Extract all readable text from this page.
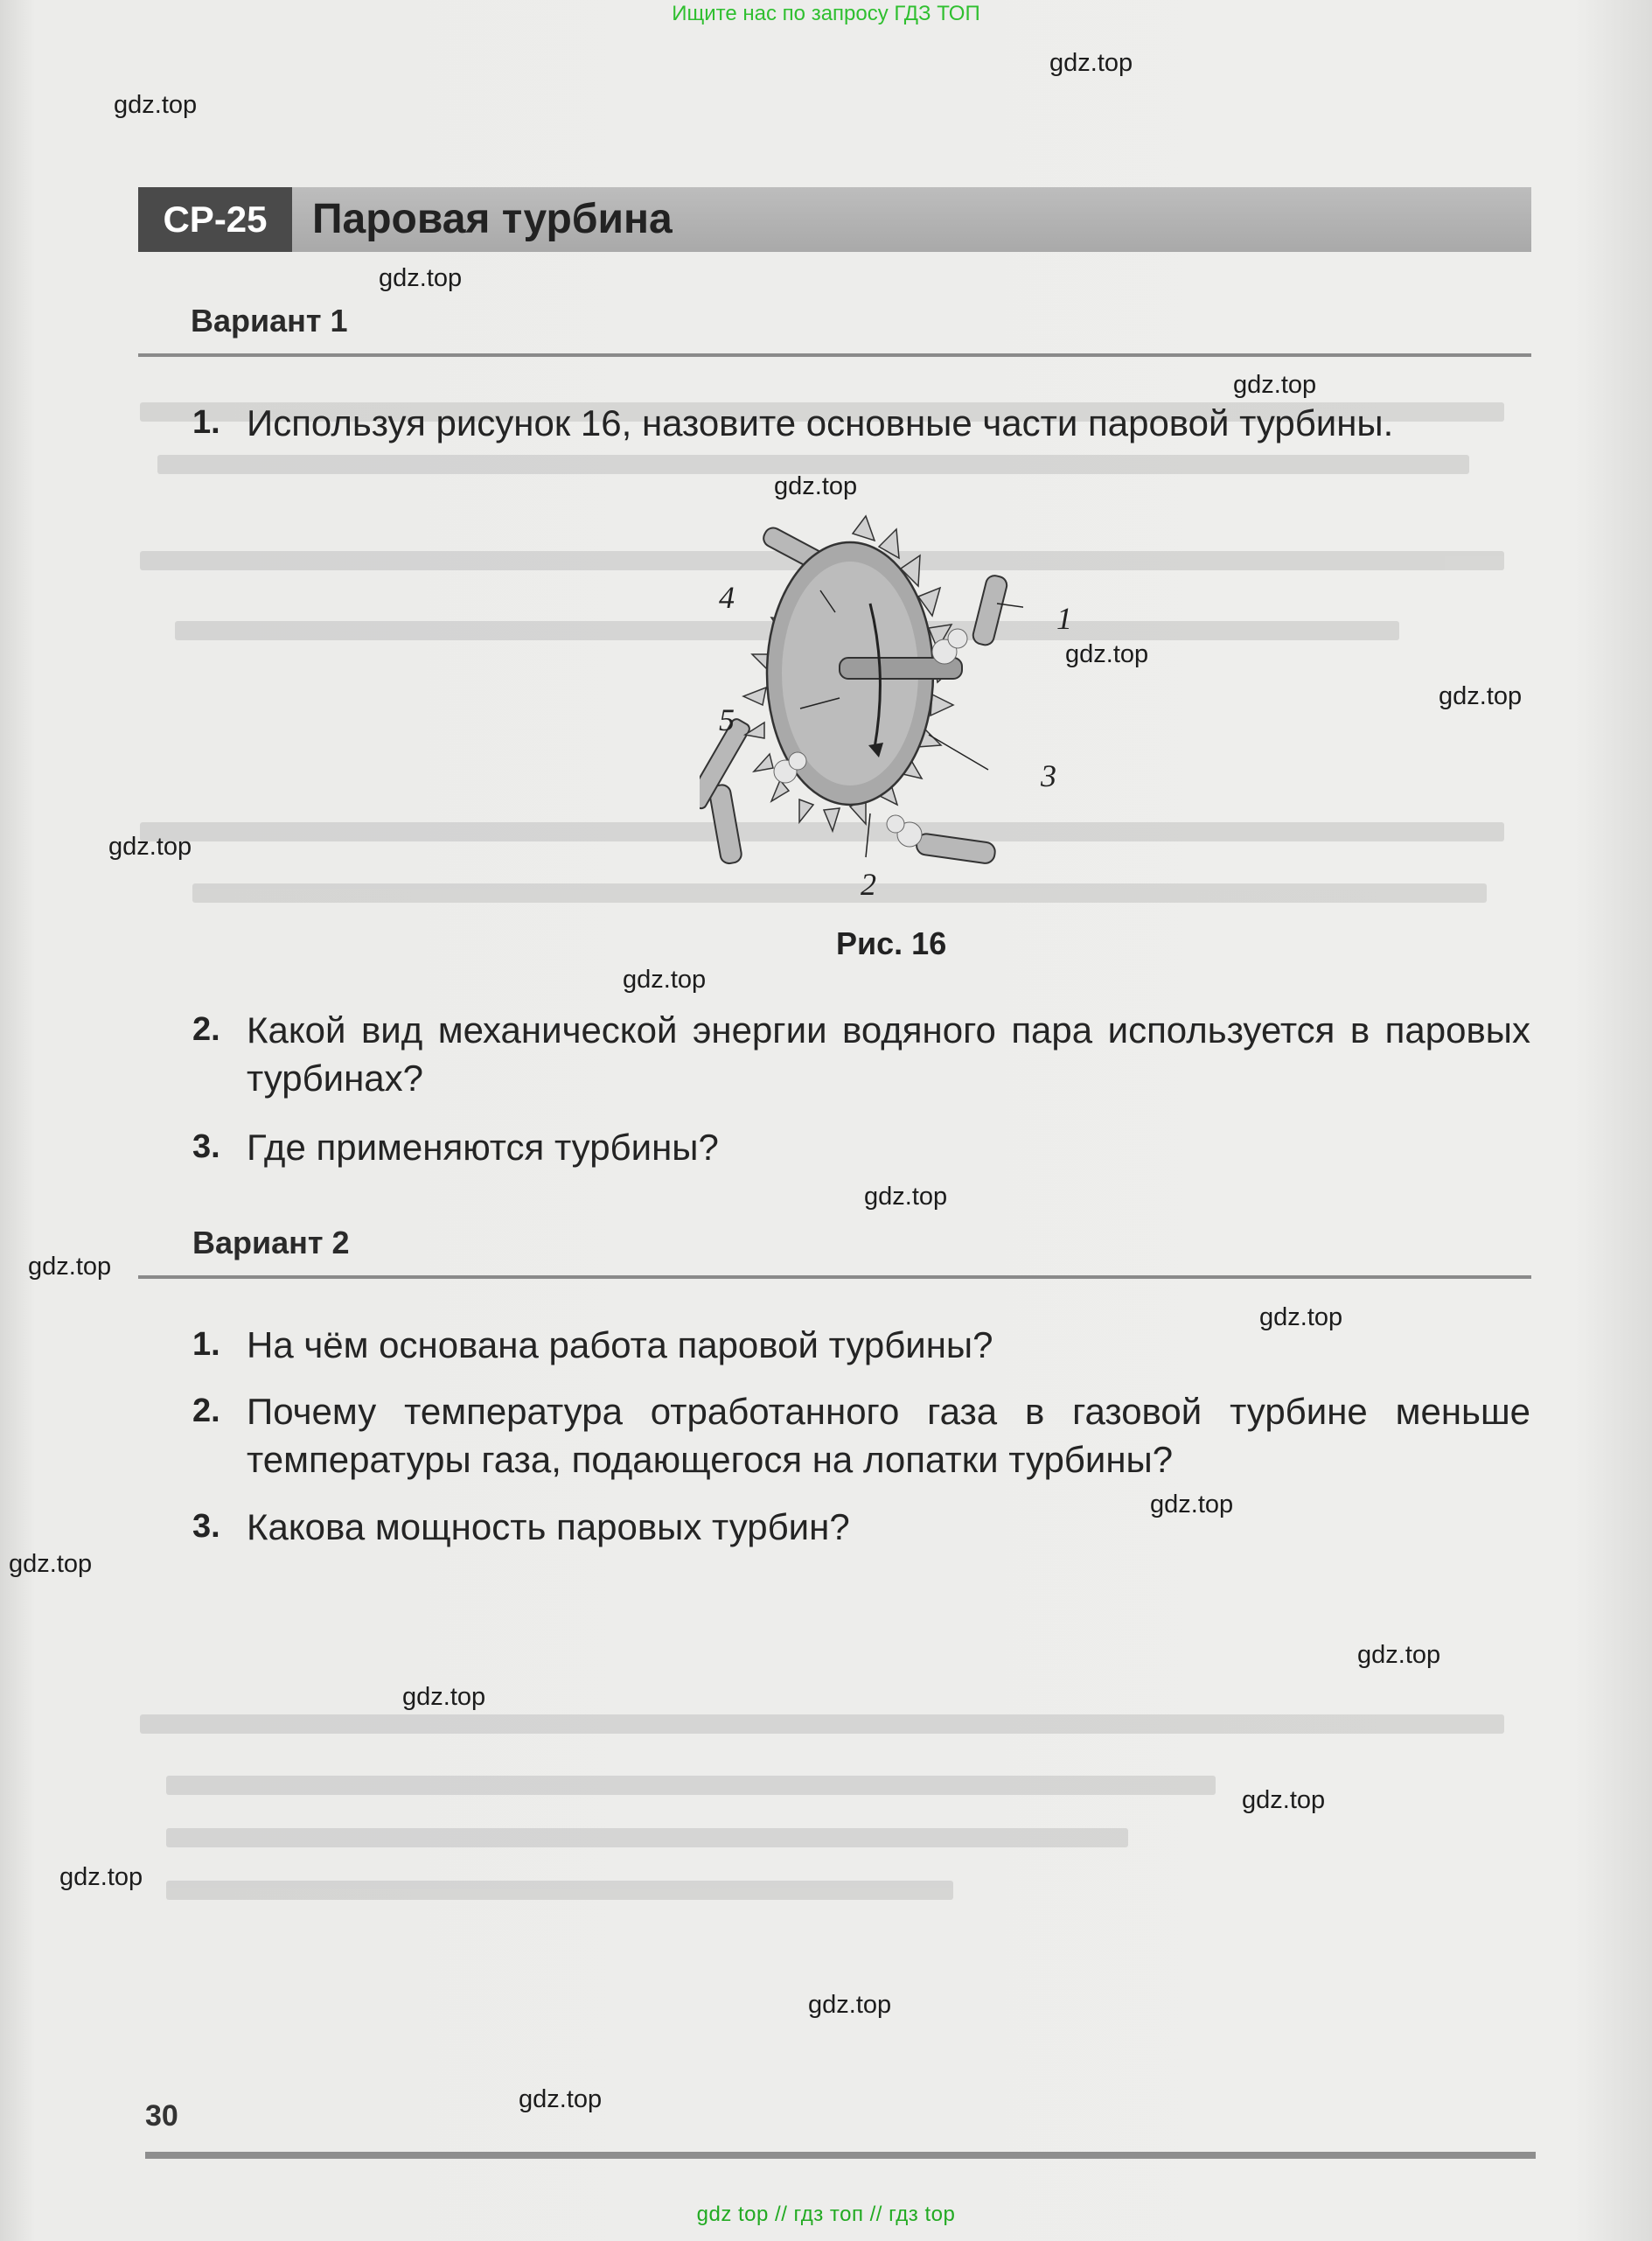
Ищите нас по запросу ГДЗ ТОП
gdz.top
gdz.top
gdz.top
gdz.top
gdz.top
gdz.top
gdz.top
gdz.top
gdz.top
gdz.top
gdz.top
gdz.top
gdz.top
gdz.top
gdz.top
gdz.top
gdz.top
gdz.top
gdz.top
gdz.top
СР-25	Паровая турбина
Вариант 1
1. Используя рисунок 16, назовите основные части паровой турбины.
1
2
3
4
5
Рис. 16
2. Какой вид механической энергии водяного пара используется в паровых турбинах?
3. Где применяются турбины?
Вариант 2
1. На чём основана работа паровой турбины?
2. Почему температура отработанного газа в газовой турбине меньше температуры газа, подающегося на лопатки турбины?
3. Какова мощность паровых турбин?
30
gdz top // гдз топ // гдз top
